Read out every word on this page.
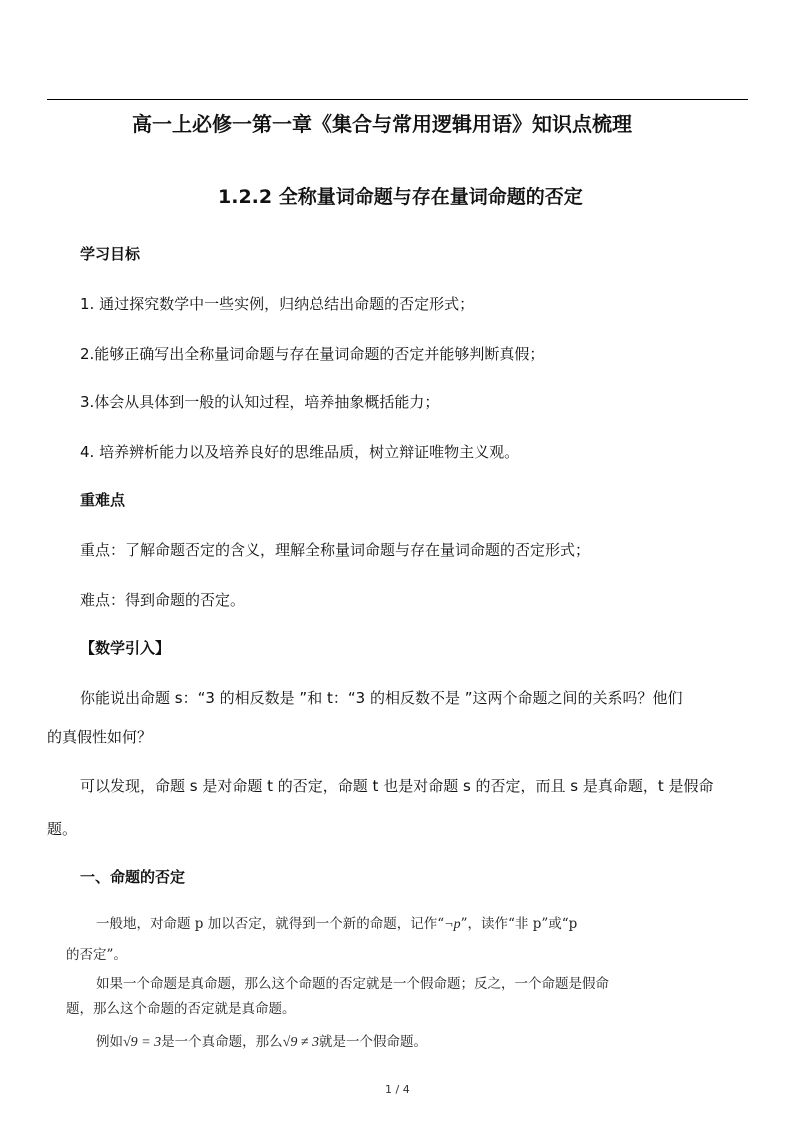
高一上必修一第一章《集合与常用逻辑用语》知识点梳理

1.2.2 全称量词命题与存在量词命题的否定

学习目标

1. 通过探究数学中一些实例，归纳总结出命题的否定形式；

2.能够正确写出全称量词命题与存在量词命题的否定并能够判断真假；

3.体会从具体到一般的认知过程，培养抽象概括能力；

4. 培养辨析能力以及培养良好的思维品质，树立辩证唯物主义观。

重难点

重点：了解命题否定的含义，理解全称量词命题与存在量词命题的否定形式；

难点：得到命题的否定。

【数学引入】

你能说出命题 s：“3 的相反数是 ”和 t：“3 的相反数不是 ”这两个命题之间的关系吗？他们

的真假性如何？

可以发现，命题 s 是对命题 t 的否定，命题 t 也是对命题 s 的否定，而且 s 是真命题，t 是假命

题。

一、命题的否定

一般地，对命题 p 加以否定，就得到一个新的命题，记作“¬p”，读作“非 p”或“p

的否定”。

如果一个命题是真命题，那么这个命题的否定就是一个假命题；反之，一个命题是假命

题，那么这个命题的否定就是真命题。

例如√9 = 3是一个真命题，那么√9 ≠ 3就是一个假命题。

1 / 4
